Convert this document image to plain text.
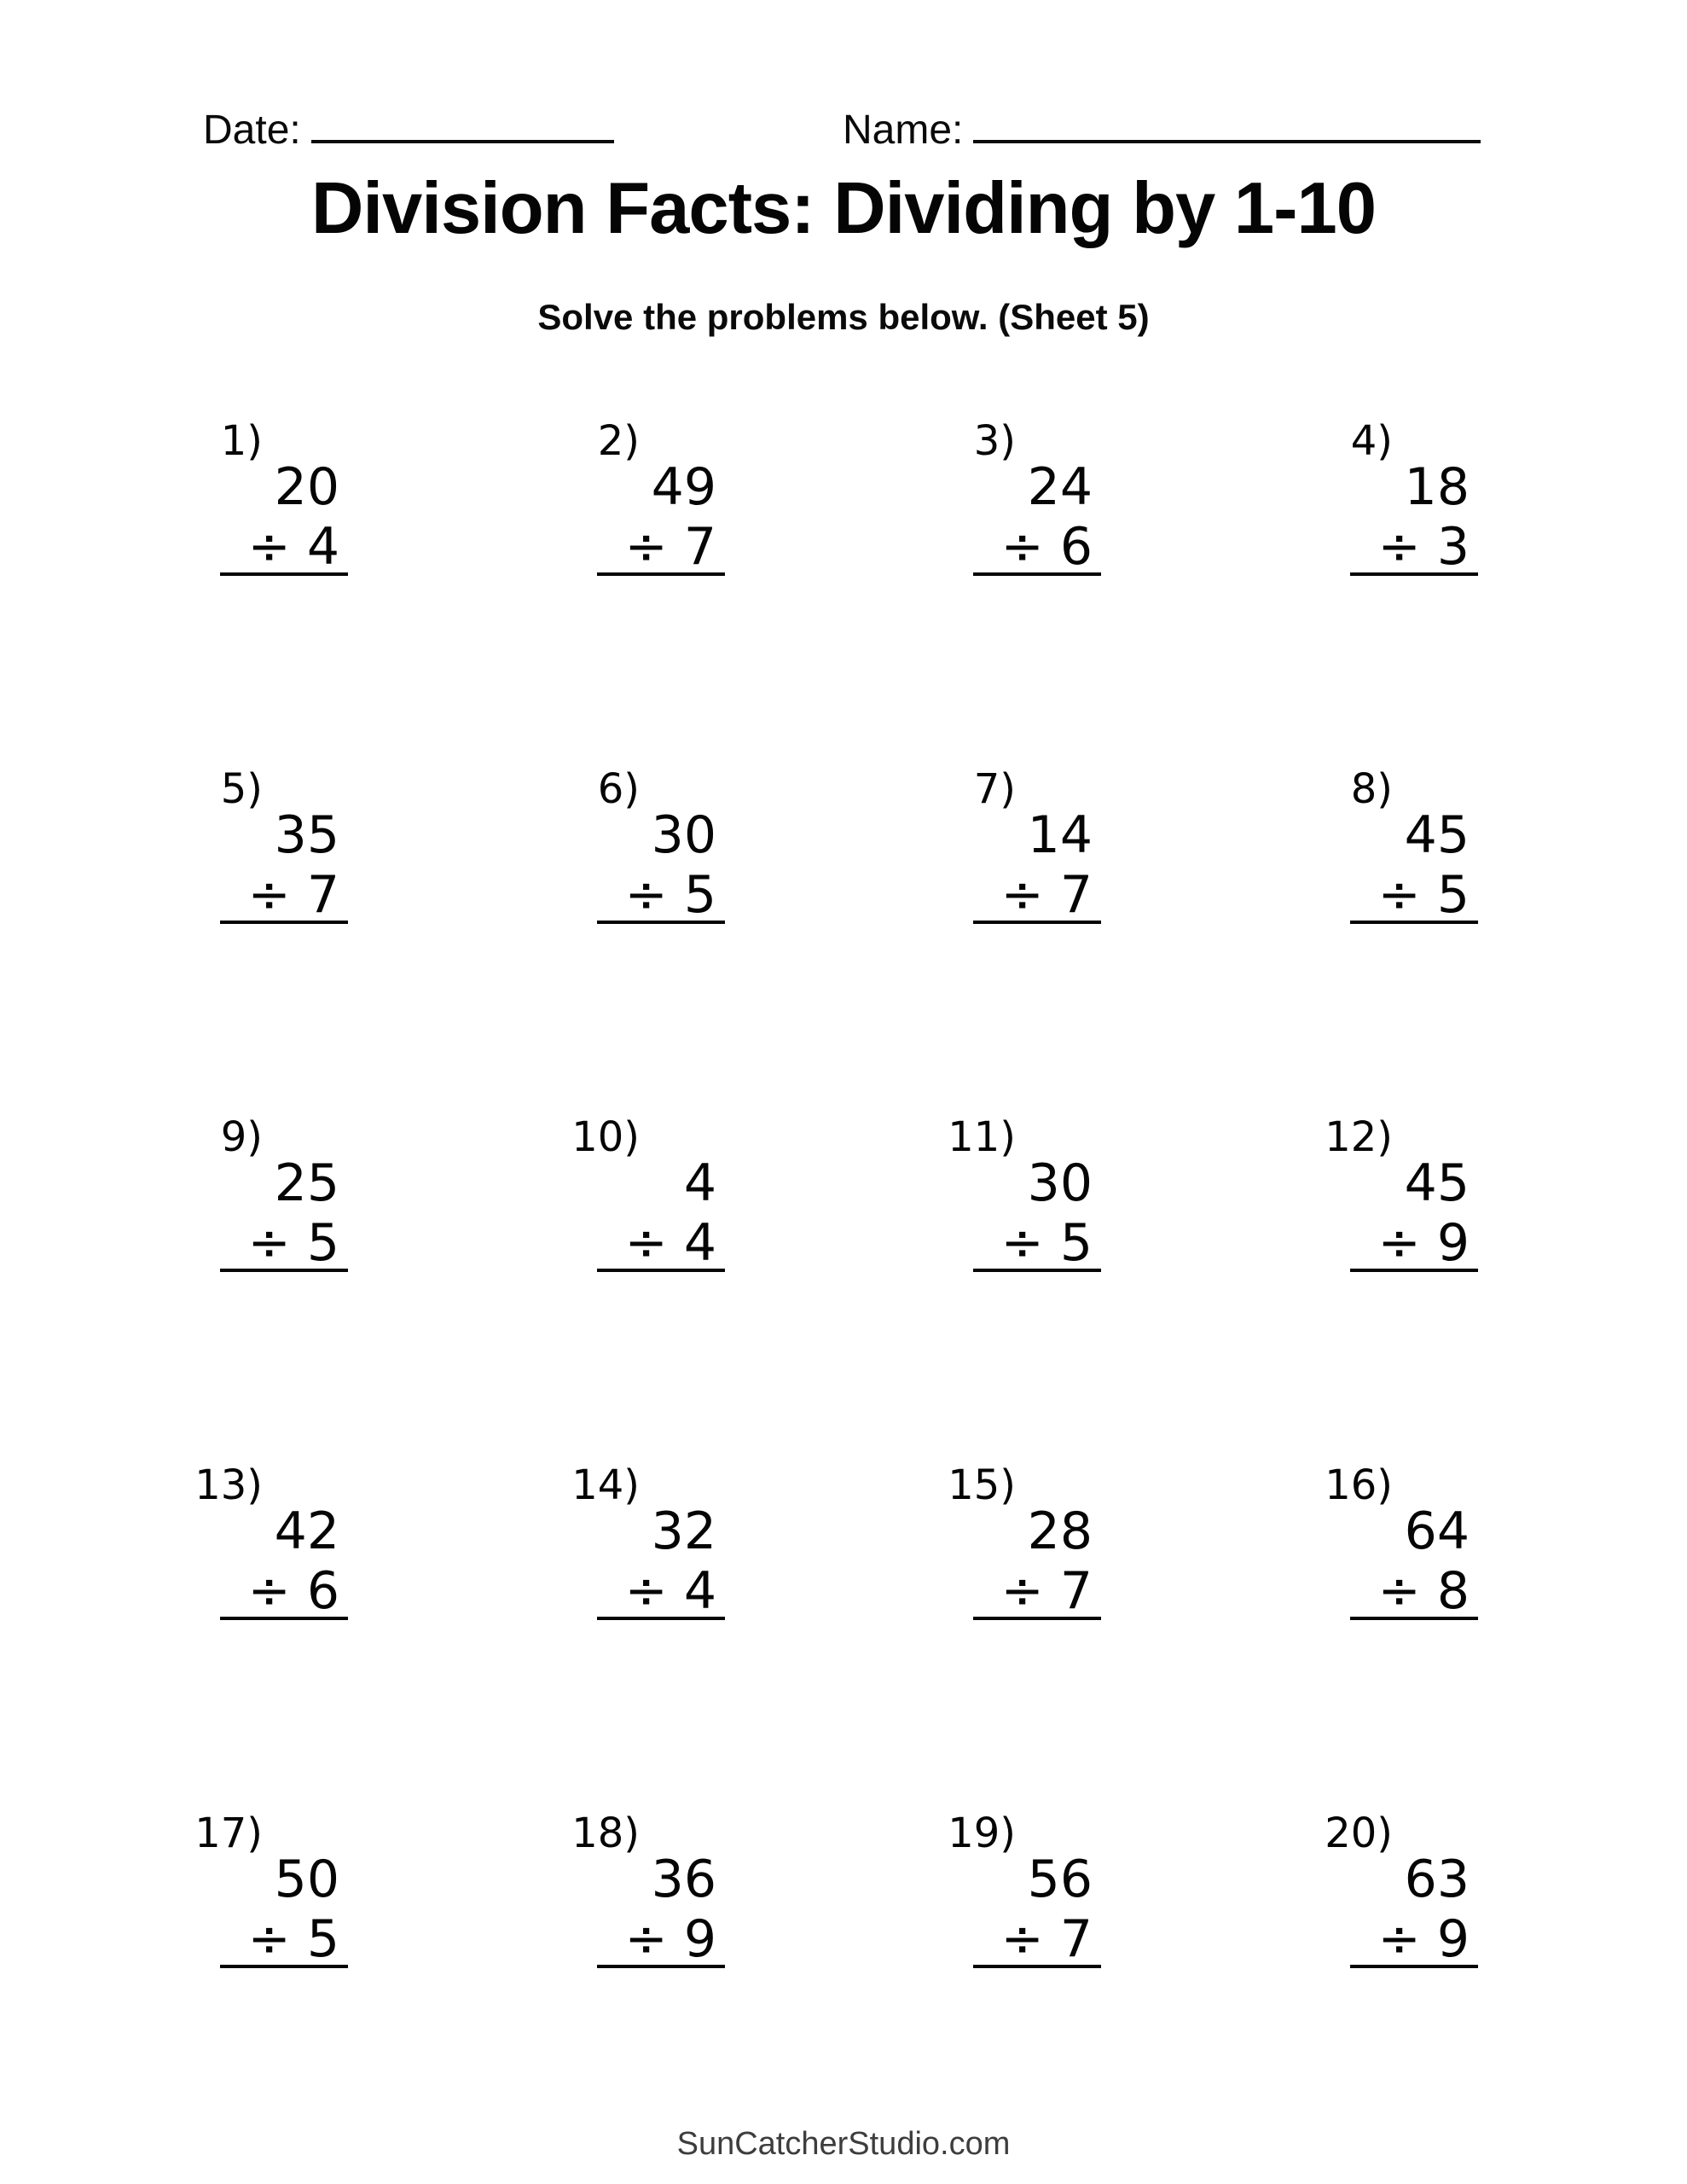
Date:	Name:
Division Facts: Dividing by 1-10
Solve the problems below. (Sheet 5)
1)
20
÷ 4
2)
49
÷ 7
3)
24
÷ 6
4)
18
÷ 3
5)
35
÷ 7
6)
30
÷ 5
7)
14
÷ 7
8)
45
÷ 5
9)
25
÷ 5
10)
4
÷ 4
11)
30
÷ 5
12)
45
÷ 9
13)
42
÷ 6
14)
32
÷ 4
15)
28
÷ 7
16)
64
÷ 8
17)
50
÷ 5
18)
36
÷ 9
19)
56
÷ 7
20)
63
÷ 9
SunCatcherStudio.com
